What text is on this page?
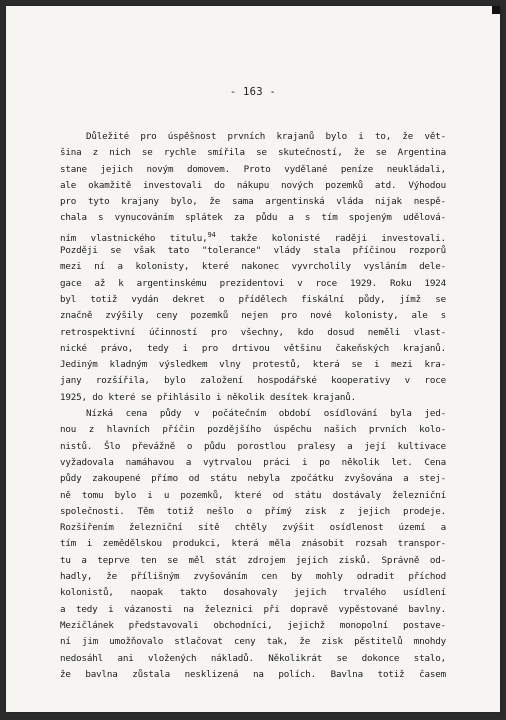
- 163 -
Důležité pro úspěšnost prvních krajanů bylo i to, že vět-
šina z nich se rychle smířila se skutečností, že se Argentina
stane jejich novým domovem. Proto vydělané peníze neukládali,
ale okamžitě investovali do nákupu nových pozemků atd. Výhodou
pro tyto krajany bylo, že sama argentinská vláda nijak nespě-
chala s vynucováním splátek za půdu a s tím spojeným udělová-
ním vlastnického titulu,$^{94}$ takže kolonisté raději investovali.
Později se však tato "tolerance" vlády stala příčinou rozporů
mezi ní a kolonisty, které nakonec vyvrcholily vysláním dele-
gace až k argentinskému prezidentovi v roce 1929. Roku 1924
byl totiž vydán dekret o přídělech fiskální půdy, jímž se
značně zvýšily ceny pozemků nejen pro nové kolonisty, ale s
retrospektivní účinností pro všechny, kdo dosud neměli vlast-
nické právo, tedy i pro drtivou většinu čakeňských krajanů.
Jediným kladným výsledkem vlny protestů, která se i mezi kra-
jany rozšířila, bylo založení hospodářské kooperativy v roce
1925, do které se přihlásilo i několik desítek krajanů.
Nízká cena půdy v počátečním období osídlování byla jed-
nou z hlavních příčin pozdějšího úspěchu našich prvních kolo-
nistů. Šlo převážně o půdu porostlou pralesy a její kultivace
vyžadovala namáhavou a vytrvalou práci i po několik let. Cena
půdy zakoupené přímo od státu nebyla zpočátku zvyšována a stej-
ně tomu bylo i u pozemků, které od státu dostávaly železniční
společnosti. Těm totiž nešlo o přímý zisk z jejich prodeje.
Rozšířením železniční sítě chtěly zvýšit osídlenost území a
tím i zemědělskou produkci, která měla znásobit rozsah transpor-
tu a teprve ten se měl stát zdrojem jejich zisků. Správně od-
hadly, že přílišným zvyšováním cen by mohly odradit příchod
kolonistů, naopak takto dosahovaly jejich trvalého usídlení
a tedy i vázanosti na železnici při dopravě vypěstované bavlny.
Mezičlánek představovali obchodníci, jejichž monopolní postave-
ní jim umožňovalo stlačovat ceny tak, že zisk pěstitelů mnohdy
nedosáhl ani vložených nákladů. Několikrát se dokonce stalo,
že bavlna zůstala nesklizená na polích. Bavlna totiž časem
